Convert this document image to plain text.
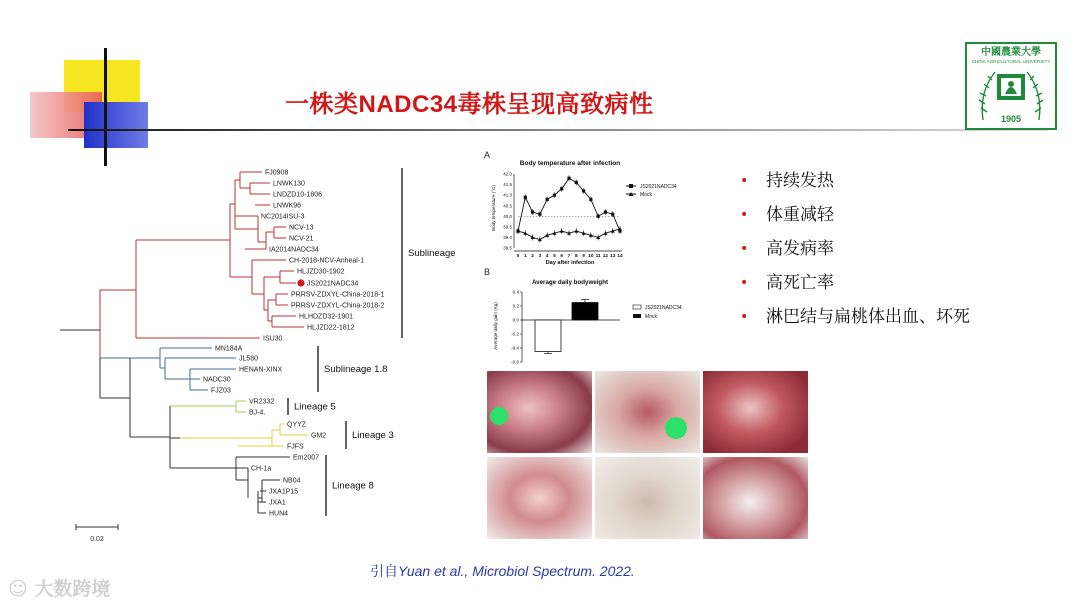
一株类NADC34毒株呈现高致病性
中國農業大學
CHINA AGRICULTURAL UNIVERSITY
1905
FJ0908
LNWK130
LNDZD10-1806
LNWK96
NC2014ISU-3
NCV-13
NCV-21
IA2014NADC34
CH-2018-NCV-Anheal-1
HLJZD30-1902
JS2021NADC34
PRRSV-ZDXYL-China-2018-1
PRRSV-ZDXYL-China-2018-2
HLHDZD32-1901
HLJZD22-1812
ISU30
MN184A
JL580
HENAN-XINX
NADC30
FJZ03
VR2332
BJ-4.
QYYZ
GM2
FJFS
Em2007
CH-1a
NB04
JXA1P15
JXA1
HUN4
Sublineage
Sublineage 1.8
Lineage 5
Lineage 3
Lineage 8
0.02
A
Body temperature after infection
Body temperature (°C)
Day after infection
42.0
41.5
41.0
40.5
40.0
39.5
39.0
38.5
0 1 2 3 4 5 6 7 8 9 10 11 12 13 14
JS2021NADC34
Mock
B
Average daily bodyweight
Average daily gain (Kg)
0.4
0.2
0.0
-0.2
-0.4
-0.6
JS2021NADC34
Mock
•	持续发热
•	体重减轻
•	高发病率
•	高死亡率
•	淋巴结与扁桃体出血、坏死
引自Yuan et al., Microbiol Spectrum. 2022.
☺ 大数跨境
